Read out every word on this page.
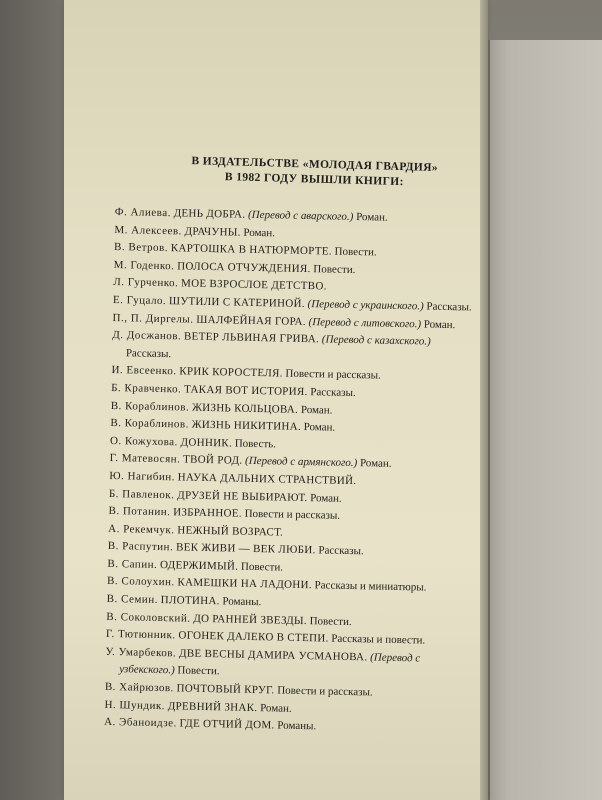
В ИЗДАТЕЛЬСТВЕ «МОЛОДАЯ ГВАРДИЯ»
В 1982 ГОДУ ВЫШЛИ КНИГИ:
Ф. Алиева. ДЕНЬ ДОБРА. (Перевод с аварского.) Роман.
М. Алексеев. ДРАЧУНЫ. Роман.
В. Ветров. КАРТОШКА В НАТЮРМОРТЕ. Повести.
М. Годенко. ПОЛОСА ОТЧУЖДЕНИЯ. Повести.
Л. Гурченко. МОЕ ВЗРОСЛОЕ ДЕТСТВО.
Е. Гуцало. ШУТИЛИ С КАТЕРИНОЙ. (Перевод с украинского.) Рассказы.
П., П. Диргелы. ШАЛФЕЙНАЯ ГОРА. (Перевод с литовского.) Роман.
Д. Досжанов. ВЕТЕР ЛЬВИНАЯ ГРИВА. (Перевод с казахского.) Рассказы.
И. Евсеенко. КРИК КОРОСТЕЛЯ. Повести и рассказы.
Б. Кравченко. ТАКАЯ ВОТ ИСТОРИЯ. Рассказы.
В. Кораблинов. ЖИЗНЬ КОЛЬЦОВА. Роман.
В. Кораблинов. ЖИЗНЬ НИКИТИНА. Роман.
О. Кожухова. ДОННИК. Повесть.
Г. Матевосян. ТВОЙ РОД. (Перевод с армянского.) Роман.
Ю. Нагибин. НАУКА ДАЛЬНИХ СТРАНСТВИЙ.
Б. Павленок. ДРУЗЕЙ НЕ ВЫБИРАЮТ. Роман.
В. Потанин. ИЗБРАННОЕ. Повести и рассказы.
А. Рекемчук. НЕЖНЫЙ ВОЗРАСТ.
В. Распутин. ВЕК ЖИВИ — ВЕК ЛЮБИ. Рассказы.
В. Сапин. ОДЕРЖИМЫЙ. Повести.
В. Солоухин. КАМЕШКИ НА ЛАДОНИ. Рассказы и миниатюры.
В. Семин. ПЛОТИНА. Романы.
В. Соколовский. ДО РАННЕЙ ЗВЕЗДЫ. Повести.
Г. Тютюнник. ОГОНЕК ДАЛЕКО В СТЕПИ. Рассказы и повести.
У. Умарбеков. ДВЕ ВЕСНЫ ДАМИРА УСМАНОВА. (Перевод с узбекского.) Повести.
В. Хайрюзов. ПОЧТОВЫЙ КРУГ. Повести и рассказы.
Н. Шундик. ДРЕВНИЙ ЗНАК. Роман.
А. Эбаноидзе. ГДЕ ОТЧИЙ ДОМ. Романы.
